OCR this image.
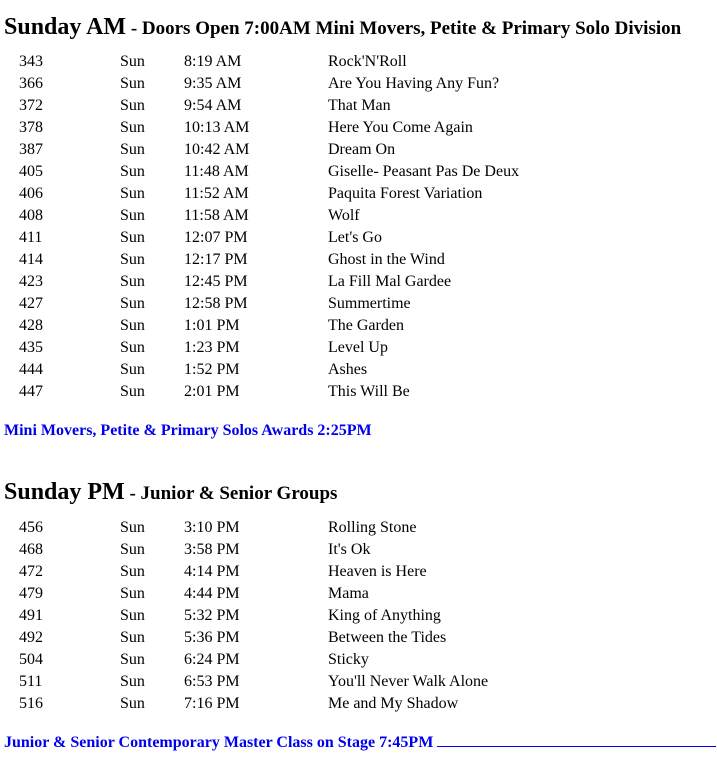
Sunday AM - Doors Open 7:00AM Mini Movers, Petite & Primary Solo Division
343	Sun 8:19 AM	Rock'N'Roll
366	Sun 9:35 AM	Are You Having Any Fun?
372	Sun 9:54 AM	That Man
378	Sun 10:13 AM	Here You Come Again
387	Sun 10:42 AM	Dream On
405	Sun 11:48 AM	Giselle- Peasant Pas De Deux
406	Sun 11:52 AM	Paquita Forest Variation
408	Sun 11:58 AM	Wolf
411	Sun 12:07 PM	Let's Go
414	Sun 12:17 PM	Ghost in the Wind
423	Sun 12:45 PM	La Fill Mal Gardee
427	Sun 12:58 PM	Summertime
428	Sun 1:01 PM	The Garden
435	Sun 1:23 PM	Level Up
444	Sun 1:52 PM	Ashes
447	Sun 2:01 PM	This Will Be

Mini Movers, Petite & Primary Solos Awards 2:25PM

Sunday PM - Junior & Senior Groups
456	Sun 3:10 PM	Rolling Stone
468	Sun 3:58 PM	It's Ok
472	Sun 4:14 PM	Heaven is Here
479	Sun 4:44 PM	Mama
491	Sun 5:32 PM	King of Anything
492	Sun 5:36 PM	Between the Tides
504	Sun 6:24 PM	Sticky
511	Sun 6:53 PM	You'll Never Walk Alone
516	Sun 7:16 PM	Me and My Shadow

Junior & Senior Contemporary Master Class on Stage 7:45PM
